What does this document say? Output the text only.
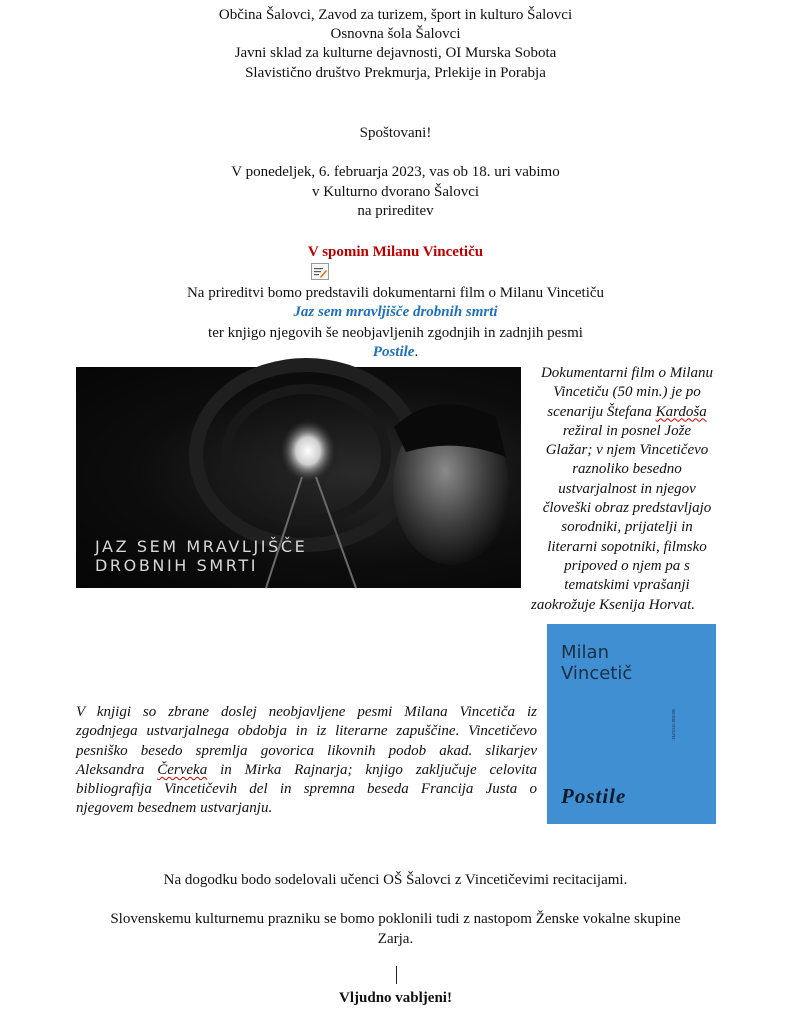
Občina Šalovci, Zavod za turizem, šport in kulturo Šalovci
Osnovna šola Šalovci
Javni sklad za kulturne dejavnosti, OI Murska Sobota
Slavistično društvo Prekmurja, Prlekije in Porabja
Spoštovani!
V ponedeljek, 6. februarja 2023, vas ob 18. uri vabimo
v Kulturno dvorano Šalovci
na prireditev
V spomin Milanu Vincetiču
Na prireditvi bomo predstavili dokumentarni film o Milanu Vincetiču
Jaz sem mravljišče drobnih smrti
ter knjigo njegovih še neobjavljenih zgodnjih in zadnjih pesmi
Postile.
JAZ SEM MRAVLJIŠČE
DROBNIH SMRTI
Dokumentarni film o Milanu
Vincetiču (50 min.) je po
scenariju Štefana Kardoša
režiral in posnel Jože
Glažar; v njem Vincetičevo
raznoliko besedno
ustvarjalnost in njegov
človeški obraz predstavljajo
sorodniki, prijatelji in
literarni sopotniki, filmsko
pripoved o njem pa s
tematskimi vprašanji
zaokrožuje Ksenija Horvat.
Milan
Vincetič
MODRI STOLPEC
Postile
V knjigi so zbrane doslej neobjavljene pesmi Milana Vincetiča iz
zgodnjega ustvarjalnega obdobja in iz literarne zapuščine. Vincetičevo
pesniško besedo spremlja govorica likovnih podob akad. slikarjev
Aleksandra Červeka in Mirka Rajnarja; knjigo zaključuje celovita
bibliografija Vincetičevih del in spremna beseda Francija Justa o
njegovem besednem ustvarjanju.
Na dogodku bodo sodelovali učenci OŠ Šalovci z Vincetičevimi recitacijami.
Slovenskemu kulturnemu prazniku se bomo poklonili tudi z nastopom Ženske vokalne skupine
Zarja.
Vljudno vabljeni!
